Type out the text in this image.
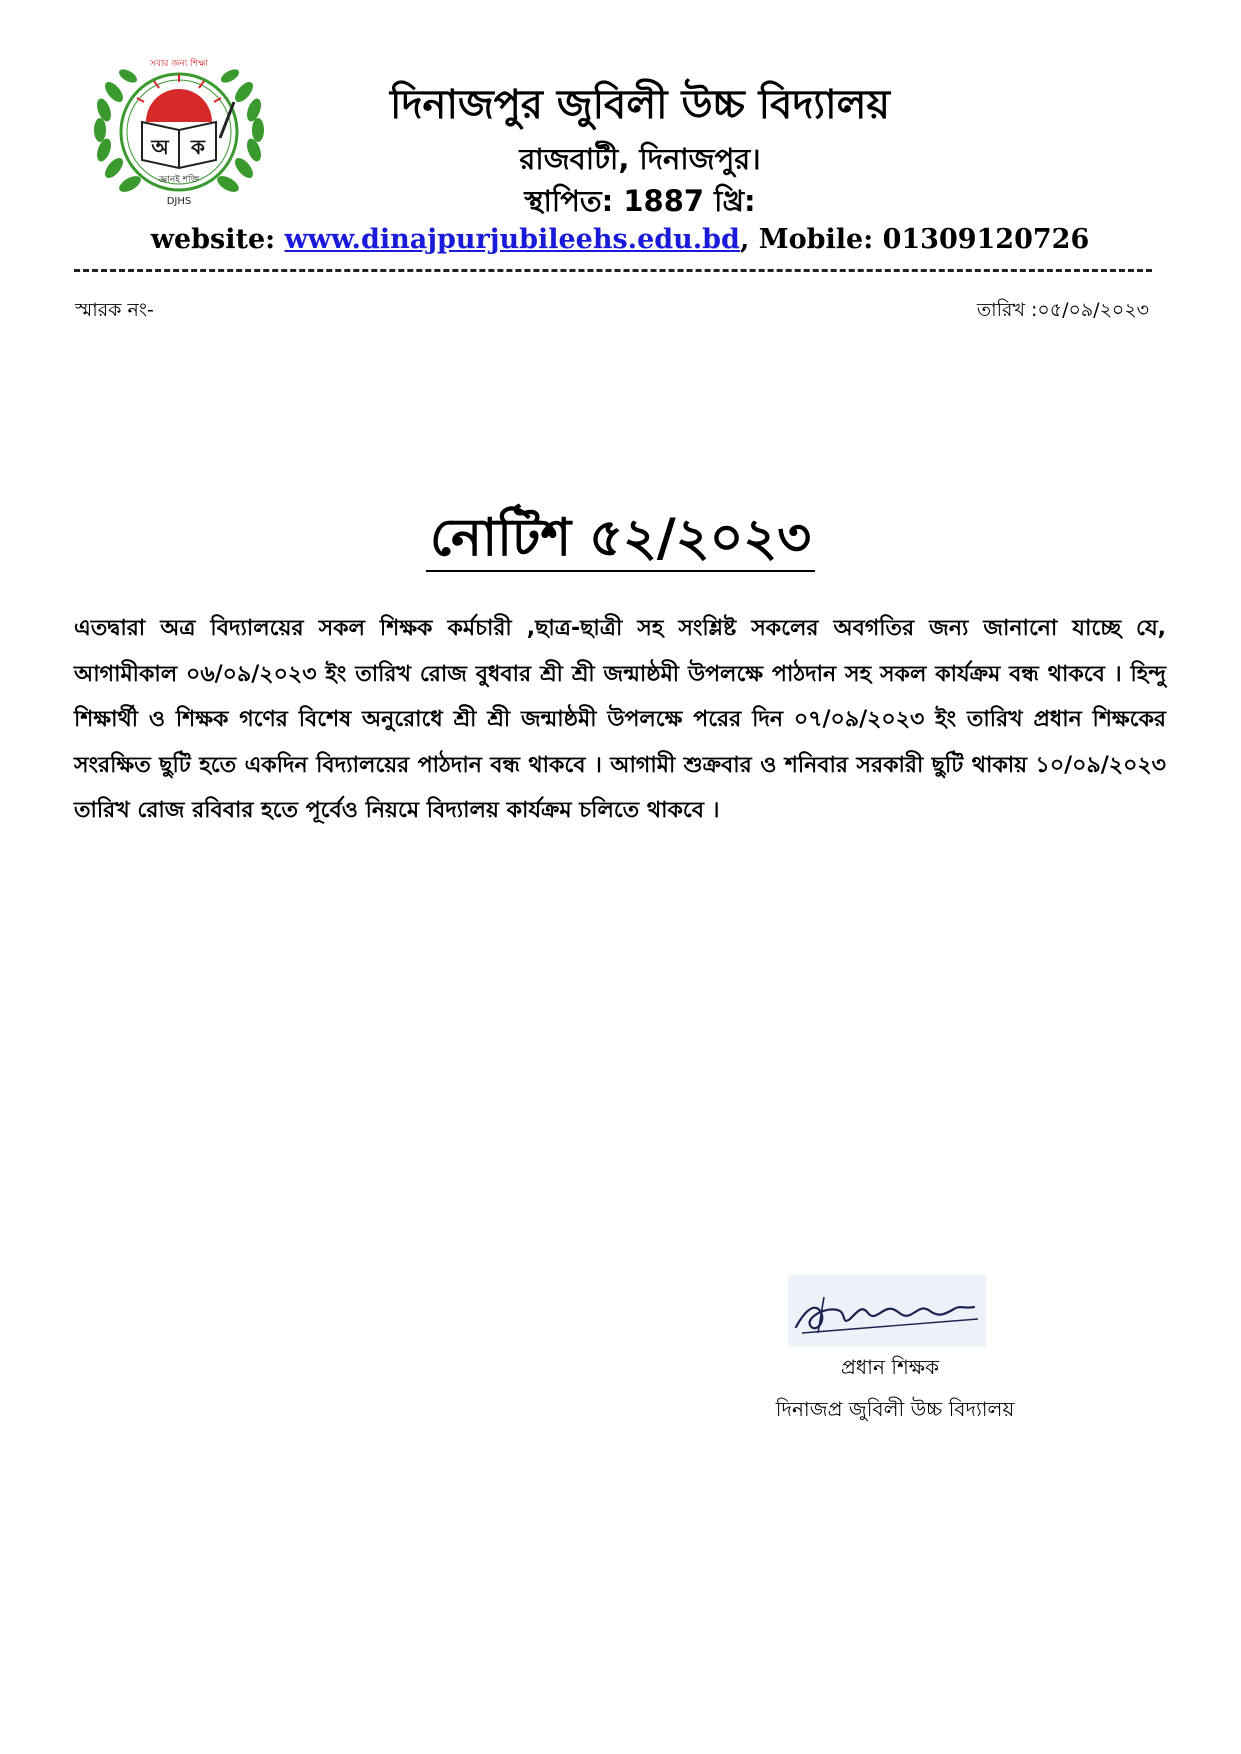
অ ক
জ্ঞানই শক্তি
সবার জন্য শিক্ষা
DJHS
দিনাজপুর জুবিলী উচ্চ বিদ্যালয়
রাজবাটী, দিনাজপুর।
স্থাপিত: 1887 খ্রি:
website: www.dinajpurjubileehs.edu.bd, Mobile: 01309120726
স্মারক নং-	তারিখ :০৫/০৯/২০২৩
নোটিশ ৫২/২০২৩
এতদ্বারা অত্র বিদ্যালয়ের সকল শিক্ষক কর্মচারী ,ছাত্র-ছাত্রী সহ সংশ্লিষ্ট সকলের অবগতির জন্য জানানো যাচ্ছে যে, আগামীকাল ০৬/০৯/২০২৩ ইং তারিখ রোজ বুধবার শ্রী শ্রী জন্মাষ্ঠমী উপলক্ষে পাঠদান সহ সকল কার্যক্রম বন্ধ থাকবে । হিন্দু শিক্ষার্থী ও শিক্ষক গণের বিশেষ অনুরোধে শ্রী শ্রী জন্মাষ্ঠমী উপলক্ষে পরের দিন ০৭/০৯/২০২৩ ইং তারিখ প্রধান শিক্ষকের সংরক্ষিত ছুটি হতে একদিন বিদ্যালয়ের পাঠদান বন্ধ থাকবে । আগামী শুক্রবার ও শনিবার সরকারী ছুটি থাকায় ১০/০৯/২০২৩ তারিখ রোজ রবিবার হতে পূর্বেও নিয়মে বিদ্যালয় কার্যক্রম চলিতে থাকবে ।
প্রধান শিক্ষক
দিনাজপ্র জুবিলী উচ্চ বিদ্যালয়
